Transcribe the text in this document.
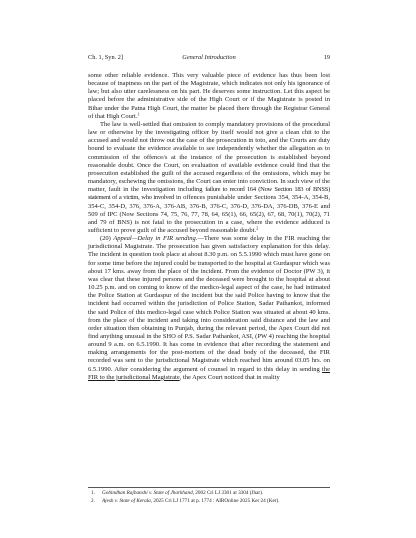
Ch. 1, Syn. 2]	General Introduction	19

some other reliable evidence. This very valuable piece of evidence has thus been lost because of inaptness on the part of the Magistrate, which indicates not only his ignorance of law; but also utter carelessness on his part. He deserves some instruction. Let this aspect be placed before the administrative side of the High Court or if the Magistrate is posted in Bihar under the Patna High Court, the matter be placed there through the Registrar General of that High Court.$^1$

The law is well-settled that omission to comply mandatory provisions of the procedural law or otherwise by the investigating officer by itself would not give a clean chit to the accused and would not throw out the case of the prosecution in toto, and the Courts are duty bound to evaluate the evidence available to see independently whether the allegation as to commission of the offence/s at the instance of the prosecution is established beyond reasonable doubt. Once the Court, on evaluation of available evidence could find that the prosecution established the guilt of the accused regardless of the omissions, which may be mandatory, eschewing the omissions, the Court can enter into conviction. In such view of the matter, fault in the investigation including failure to record 164 (Now Section 183 of BNSS) statement of a victim, who involved in offences punishable under Sections 354, 354-A, 354-B, 354-C, 354-D, 376, 376-A, 376-AB, 376-B, 376-C, 376-D, 376-DA, 376-DB, 376-E and 509 of IPC (Now Sections 74, 75, 76, 77, 78, 64, 65(1), 66, 65(2), 67, 68, 70(1), 70(2), 71 and 79 of BNS) is not fatal to the prosecution in a case, where the evidence adduced is sufficient to prove guilt of the accused beyond reasonable doubt.$^2$

(20) Appeal—Delay in FIR sending.—There was some delay in the FIR reaching the jurisdictional Magistrate. The prosecution has given satisfactory explanation for this delay. The incident in question took place at about 8.30 p.m. on 5.5.1990 which must have gone on for some time before the injured could be transported to the hospital at Gurdaspur which was about 17 kms. away from the place of the incident. From the evidence of Doctor (PW 3), it was clear that these injured persons and the deceased were brought to the hospital at about 10.25 p.m. and on coming to know of the medico-legal aspect of the case, he had intimated the Police Station at Gurdaspur of the incident but the said Police having to know that the incident had occurred within the jurisdiction of Police Station, Sadar Pathankot, informed the said Police of this medico-legal case which Police Station was situated at about 40 kms. from the place of the incident and taking into consideration said distance and the law and order situation then obtaining in Punjab, during the relevant period, the Apex Court did not find anything unusual in the SHO of P.S. Sadar Pathankot, ASI, (PW 4) reaching the hospital around 9 a.m. on 6.5.1990. It has come in evidence that after recording the statement and making arrangements for the post-mortem of the dead body of the deceased, the FIR recorded was sent to the jurisdictional Magistrate which reached him around 03.05 hrs. on 6.5.1990. After considering the argument of counsel in regard to this delay in sending the FIR to the jurisdictional Magistrate, the Apex Court noticed that in reality

1. Gobindhan Rajbanshi v. State of Jharkhand, 2002 Cri LJ 3301 at 3304 (Jhar).
2. Ajesh v. State of Kerala, 2025 Cri LJ 1771 at p. 1774 : AIROnline 2025 Ker 24 (Ker).
